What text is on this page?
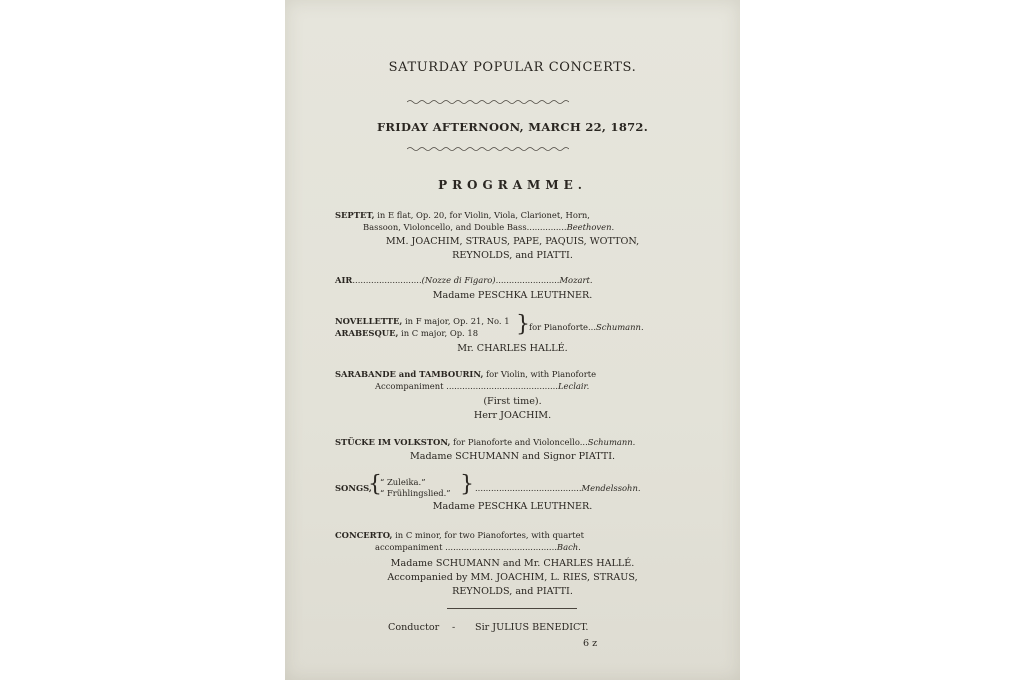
SATURDAY POPULAR CONCERTS.
FRIDAY AFTERNOON, MARCH 22, 1872.
PROGRAMME.
SEPTET, in E flat, Op. 20, for Violin, Viola, Clarionet, Horn,
Bassoon, Violoncello, and Double Bass...............Beethoven.
MM. JOACHIM, STRAUS, PAPE, PAQUIS, WOTTON,
REYNOLDS, and PIATTI.
AIR..........................(Nozze di Figaro)........................Mozart.
Madame PESCHKA LEUTHNER.
NOVELLETTE, in F major, Op. 21, No. 1
ARABESQUE, in C major, Op. 18 } for Pianoforte...Schumann.
Mr. CHARLES HALLÉ.
SARABANDE and TAMBOURIN, for Violin, with Pianoforte
Accompaniment ..........................................Leclair.
(First time).
Herr JOACHIM.
STÜCKE IM VOLKSTON, for Pianoforte and Violoncello...Schumann.
Madame SCHUMANN and Signor PIATTI.
SONGS,
{
“ Zuleika.”
“ Frühlingslied.” } ........................................Mendelssohn.
Madame PESCHKA LEUTHNER.
CONCERTO, in C minor, for two Pianofortes, with quartet
accompaniment ..........................................Bach.
Madame SCHUMANN and Mr. CHARLES HALLÉ.
Accompanied by MM. JOACHIM, L. RIES, STRAUS,
REYNOLDS, and PIATTI.
Conductor - Sir JULIUS BENEDICT.
6 z
